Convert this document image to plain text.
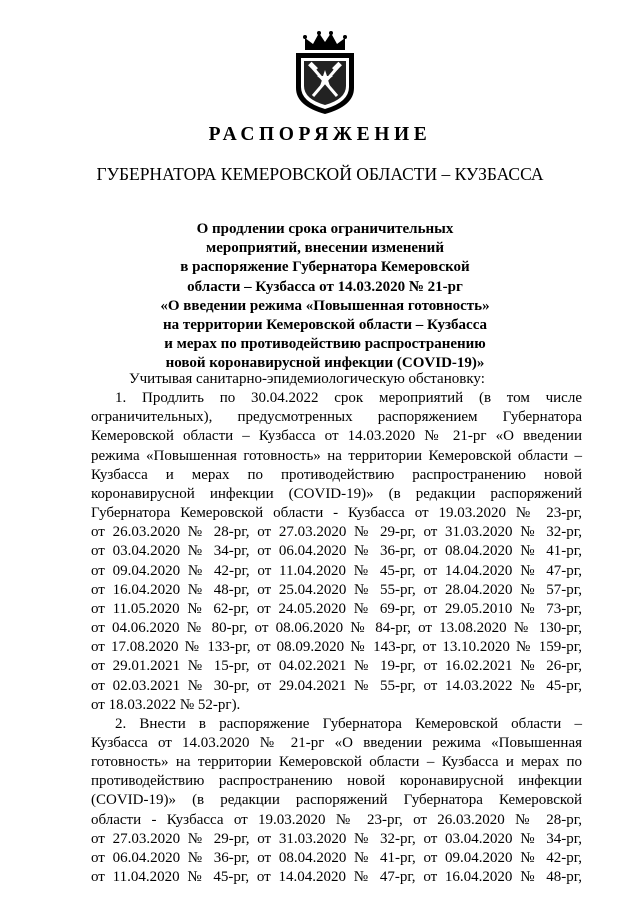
РАСПОРЯЖЕНИЕ
ГУБЕРНАТОРА КЕМЕРОВСКОЙ ОБЛАСТИ – КУЗБАССА
О продлении срока ограничительных
мероприятий, внесении изменений
в распоряжение Губернатора Кемеровской
области – Кузбасса от 14.03.2020 № 21-рг
«О введении режима «Повышенная готовность»
на территории Кемеровской области – Кузбасса
и мерах по противодействию распространению
новой коронавирусной инфекции (COVID-19)»
Учитывая санитарно-эпидемиологическую обстановку:
1. Продлить по 30.04.2022 срок мероприятий (в том числе
ограничительных), предусмотренных распоряжением Губернатора
Кемеровской области – Кузбасса от 14.03.2020 № 21-рг «О введении
режима «Повышенная готовность» на территории Кемеровской области –
Кузбасса и мерах по противодействию распространению новой
коронавирусной инфекции (COVID-19)» (в редакции распоряжений
Губернатора Кемеровской области - Кузбасса от 19.03.2020 № 23-рг,
от 26.03.2020 № 28-рг, от 27.03.2020 № 29-рг, от 31.03.2020 № 32-рг,
от 03.04.2020 № 34-рг, от 06.04.2020 № 36-рг, от 08.04.2020 № 41-рг,
от 09.04.2020 № 42-рг, от 11.04.2020 № 45-рг, от 14.04.2020 № 47-рг,
от 16.04.2020 № 48-рг, от 25.04.2020 № 55-рг, от 28.04.2020 № 57-рг,
от 11.05.2020 № 62-рг, от 24.05.2020 № 69-рг, от 29.05.2010 № 73-рг,
от 04.06.2020 № 80-рг, от 08.06.2020 № 84-рг, от 13.08.2020 № 130-рг,
от 17.08.2020 № 133-рг, от 08.09.2020 № 143-рг, от 13.10.2020 № 159-рг,
от 29.01.2021 № 15-рг, от 04.02.2021 № 19-рг, от 16.02.2021 № 26-рг,
от 02.03.2021 № 30-рг, от 29.04.2021 № 55-рг, от 14.03.2022 № 45-рг,
от 18.03.2022 № 52-рг).
2. Внести в распоряжение Губернатора Кемеровской области –
Кузбасса от 14.03.2020 № 21-рг «О введении режима «Повышенная
готовность» на территории Кемеровской области – Кузбасса и мерах по
противодействию распространению новой коронавирусной инфекции
(COVID-19)» (в редакции распоряжений Губернатора Кемеровской
области - Кузбасса от 19.03.2020 № 23-рг, от 26.03.2020 № 28-рг,
от 27.03.2020 № 29-рг, от 31.03.2020 № 32-рг, от 03.04.2020 № 34-рг,
от 06.04.2020 № 36-рг, от 08.04.2020 № 41-рг, от 09.04.2020 № 42-рг,
от 11.04.2020 № 45-рг, от 14.04.2020 № 47-рг, от 16.04.2020 № 48-рг,
